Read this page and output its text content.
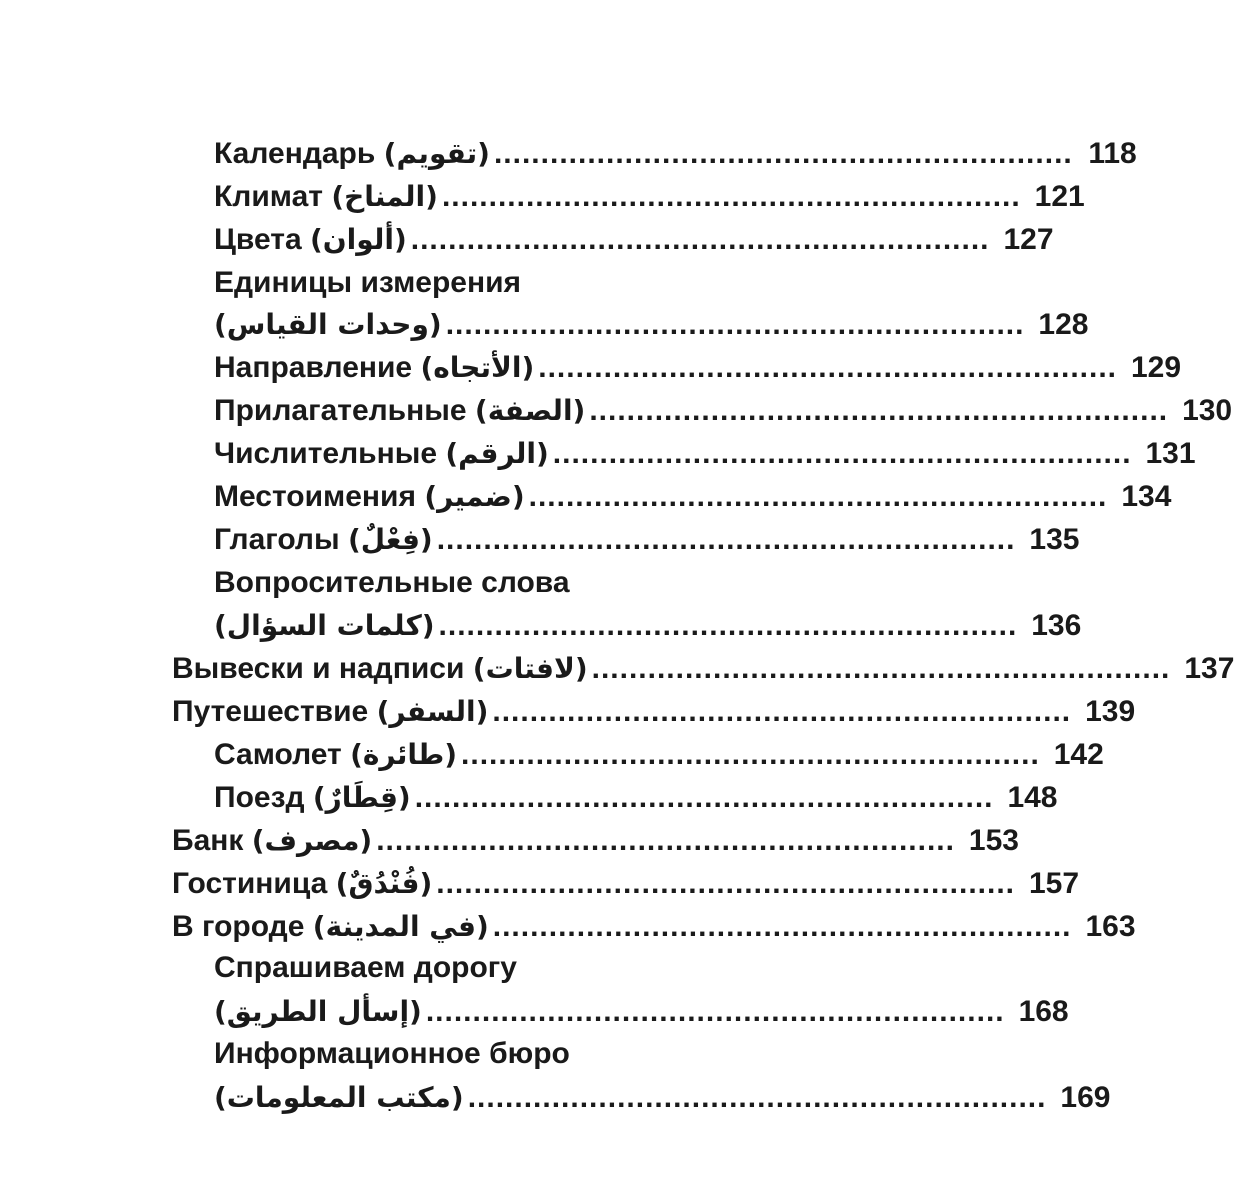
Календарь
(تقويم) .............................................................. 118
Климат
(المناخ) .............................................................. 121
Цвета
(ألوان) .............................................................. 127
Единицы измерения
(وحدات القياس) .............................................................. 128
Направление
(الأتجاه) .............................................................. 129
Прилагательные
(الصفة) .............................................................. 130
Числительные
(الرقم) .............................................................. 131
Местоимения
(ضمير) .............................................................. 134
Глаголы
(فِعْلٌ) .............................................................. 135
Вопросительные слова
(كلمات السؤال) .............................................................. 136
Вывески и надписи
(لافتات) .............................................................. 137
Путешествие
(السفر) .............................................................. 139
Самолет
(طائرة) .............................................................. 142
Поезд
(قِطَارٌ) .............................................................. 148
Банк
(مصرف) .............................................................. 153
Гостиница
(فُنْدُقٌ) .............................................................. 157
В городе
(في المدينة) .............................................................. 163
Спрашиваем дорогу
(إسأل الطريق) .............................................................. 168
Информационное бюро
(مكتب المعلومات) .............................................................. 169
